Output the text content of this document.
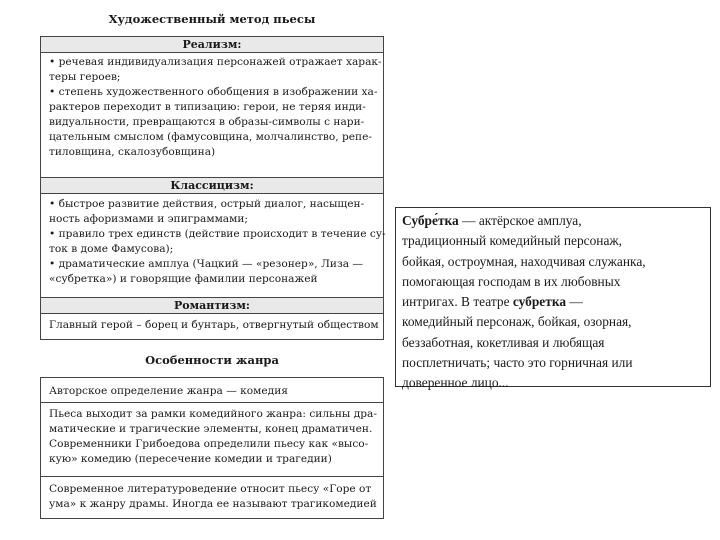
Художественный метод пьесы
Реализм:
• речевая индивидуализация персонажей отражает харак-
теры героев;
• степень художественного обобщения в изображении ха-
рактеров переходит в типизацию: герои, не теряя инди-
видуальности, превращаются в образы-символы с нари-
цательным смыслом (фамусовщина, молчалинство, репе-
тиловщина, скалозубовщина)
Классицизм:
• быстрое развитие действия, острый диалог, насыщен-
ность афоризмами и эпиграммами;
• правило трех единств (действие происходит в течение су-
ток в доме Фамусова);
• драматические амплуа (Чацкий — «резонер», Лиза —
«субретка») и говорящие фамилии персонажей
Романтизм:
Главный герой – борец и бунтарь, отвергнутый обществом
Особенности жанра
Авторское определение жанра — комедия
Пьеса выходит за рамки комедийного жанра: сильны дра-
матические и трагические элементы, конец драматичен.
Современники Грибоедова определили пьесу как «высо-
кую» комедию (пересечение комедии и трагедии)
Современное литературоведение относит пьесу «Горе от
ума» к жанру драмы. Иногда ее называют трагикомедией
Субре́тка — актёрское амплуа,
традиционный комедийный персонаж,
бойкая, остроумная, находчивая служанка,
помогающая господам в их любовных
интригах. В театре субретка —
комедийный персонаж, бойкая, озорная,
беззаботная, кокетливая и любящая
посплетничать; часто это горничная или
доверенное лицо...
